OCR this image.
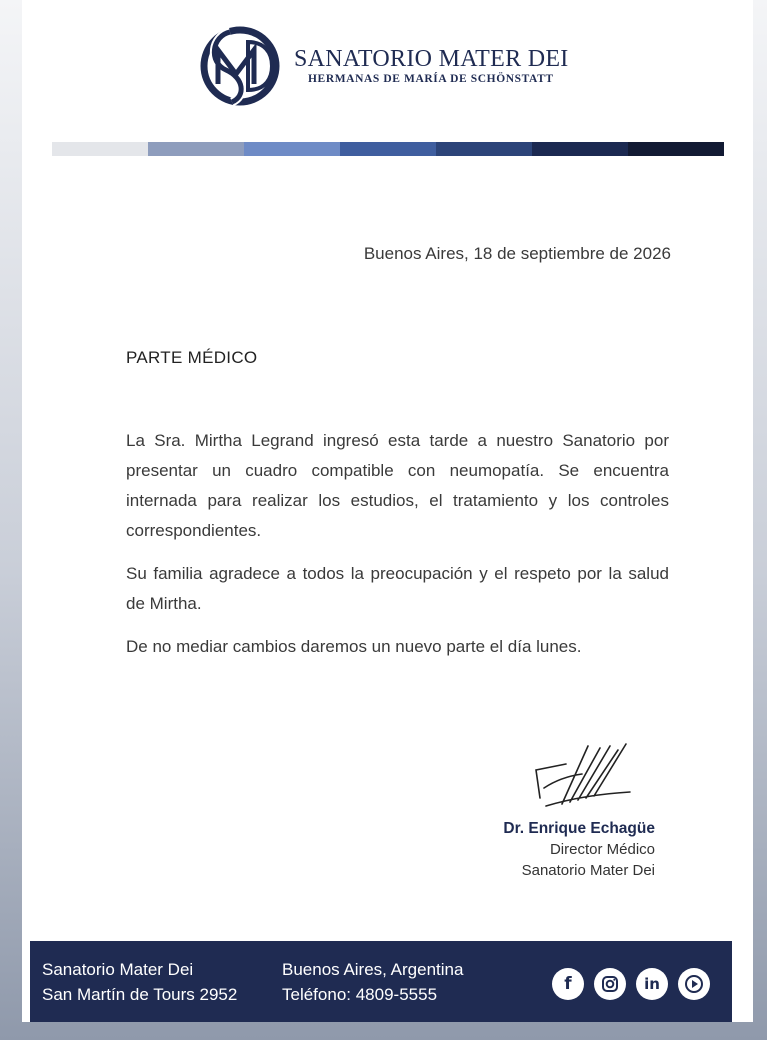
SANATORIO MATER DEI
HERMANAS DE MARÍA DE SCHÖNSTATT
Buenos Aires, 18 de septiembre de 2026
PARTE MÉDICO

La Sra. Mirtha Legrand ingresó esta tarde a nuestro Sanatorio por presentar un cuadro compatible con neumopatía. Se encuentra internada para realizar los estudios, el tratamiento y los controles correspondientes.

Su familia agradece a todos la preocupación y el respeto por la salud de Mirtha.

De no mediar cambios daremos un nuevo parte el día lunes.

Dr. Enrique Echagüe
Director Médico
Sanatorio Mater Dei
Sanatorio Mater Dei
San Martín de Tours 2952
Buenos Aires, Argentina
Teléfono: 4809-5555
f	in
